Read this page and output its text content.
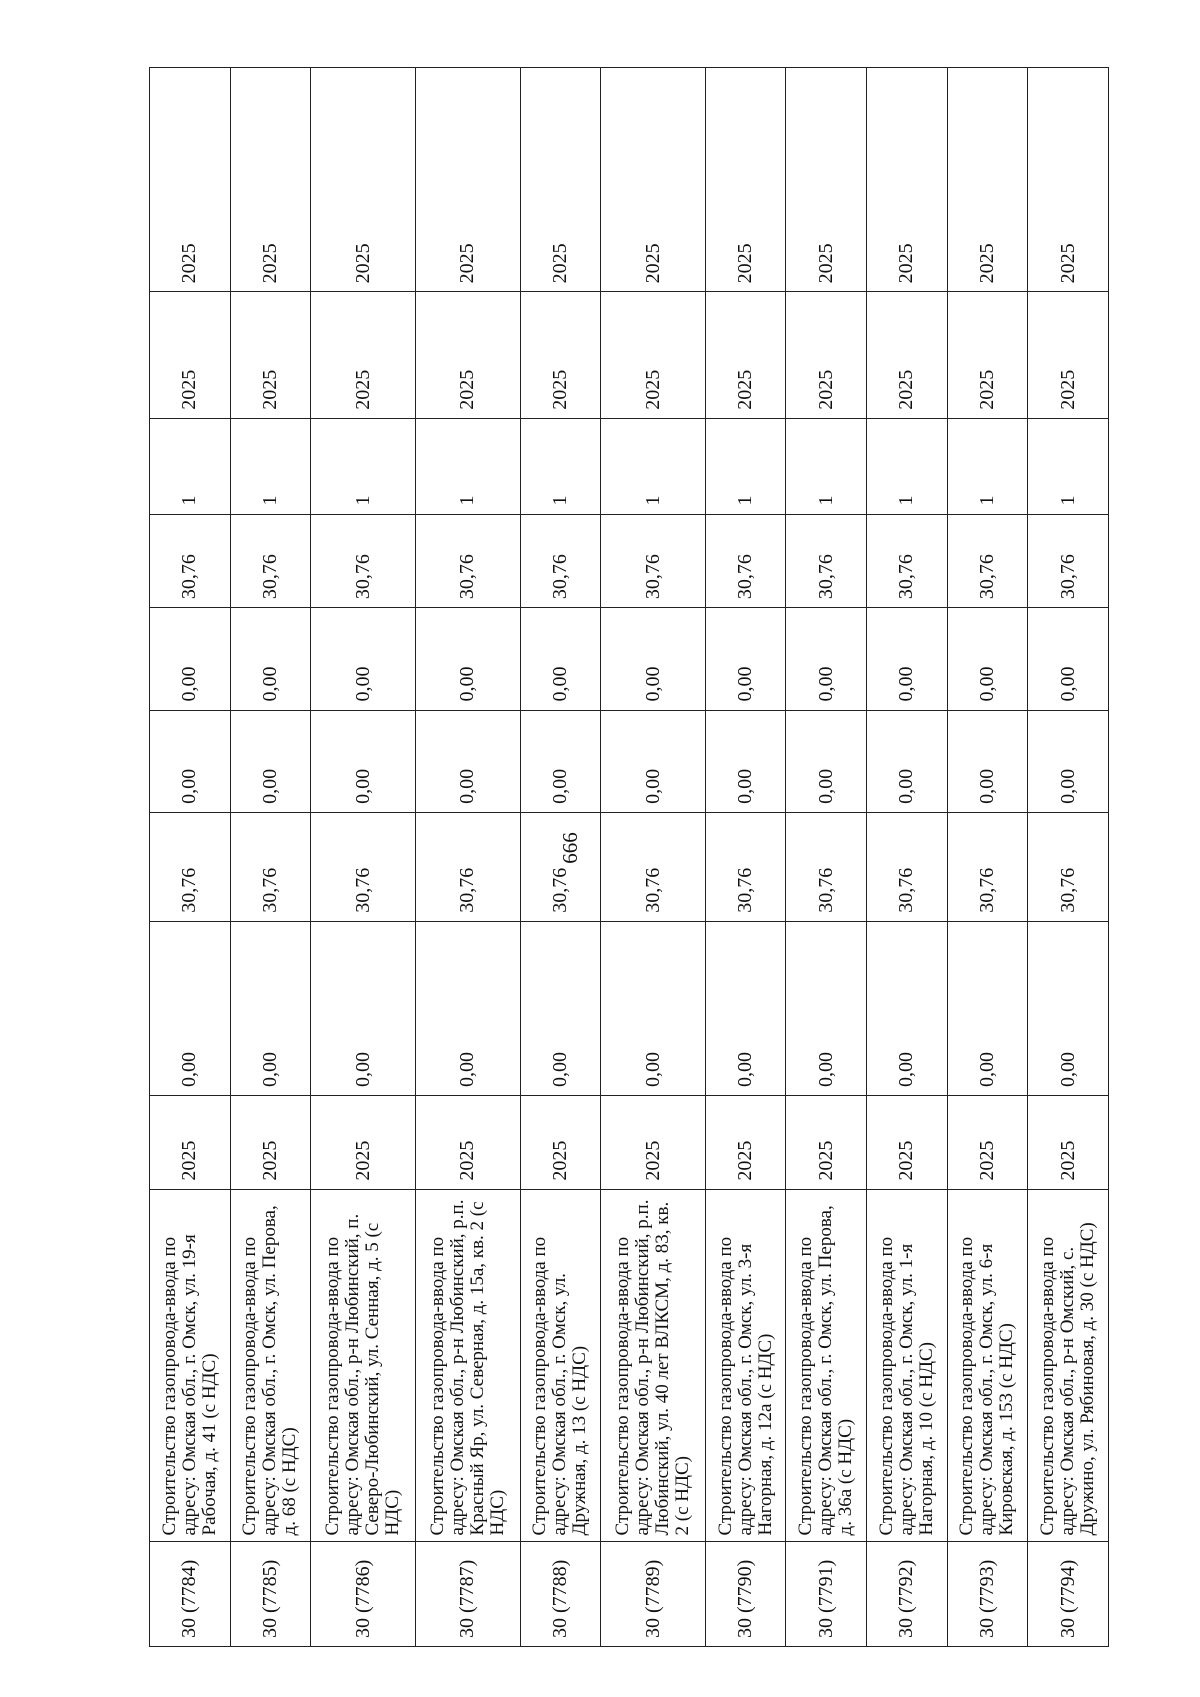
666
30 (7784)	Строительство газопровода-ввода по адресу: Омская обл., г. Омск, ул. 19-я Рабочая, д. 41 (с НДС)	2025	0,00	30,76	0,00	0,00	30,76	1	2025	2025
30 (7785)	Строительство газопровода-ввода по адресу: Омская обл., г. Омск, ул. Перова, д. 68 (с НДС)	2025	0,00	30,76	0,00	0,00	30,76	1	2025	2025
30 (7786)	Строительство газопровода-ввода по адресу: Омская обл., р-н Любинский, п. Северо-Любинский, ул. Сенная, д. 5 (с НДС)	2025	0,00	30,76	0,00	0,00	30,76	1	2025	2025
30 (7787)	Строительство газопровода-ввода по адресу: Омская обл., р-н Любинский, р.п. Красный Яр, ул. Северная, д. 15а, кв. 2 (с НДС)	2025	0,00	30,76	0,00	0,00	30,76	1	2025	2025
30 (7788)	Строительство газопровода-ввода по адресу: Омская обл., г. Омск, ул. Дружная, д. 13 (с НДС)	2025	0,00	30,76	0,00	0,00	30,76	1	2025	2025
30 (7789)	Строительство газопровода-ввода по адресу: Омская обл., р-н Любинский, р.п. Любинский, ул. 40 лет ВЛКСМ, д. 83, кв. 2 (с НДС)	2025	0,00	30,76	0,00	0,00	30,76	1	2025	2025
30 (7790)	Строительство газопровода-ввода по адресу: Омская обл., г. Омск, ул. 3-я Нагорная, д. 12а (с НДС)	2025	0,00	30,76	0,00	0,00	30,76	1	2025	2025
30 (7791)	Строительство газопровода-ввода по адресу: Омская обл., г. Омск, ул. Перова, д. 36а (с НДС)	2025	0,00	30,76	0,00	0,00	30,76	1	2025	2025
30 (7792)	Строительство газопровода-ввода по адресу: Омская обл., г. Омск, ул. 1-я Нагорная, д. 10 (с НДС)	2025	0,00	30,76	0,00	0,00	30,76	1	2025	2025
30 (7793)	Строительство газопровода-ввода по адресу: Омская обл., г. Омск, ул. 6-я Кировская, д. 153 (с НДС)	2025	0,00	30,76	0,00	0,00	30,76	1	2025	2025
30 (7794)	Строительство газопровода-ввода по адресу: Омская обл., р-н Омский, с. Дружино, ул. Рябиновая, д. 30 (с НДС)	2025	0,00	30,76	0,00	0,00	30,76	1	2025	2025
